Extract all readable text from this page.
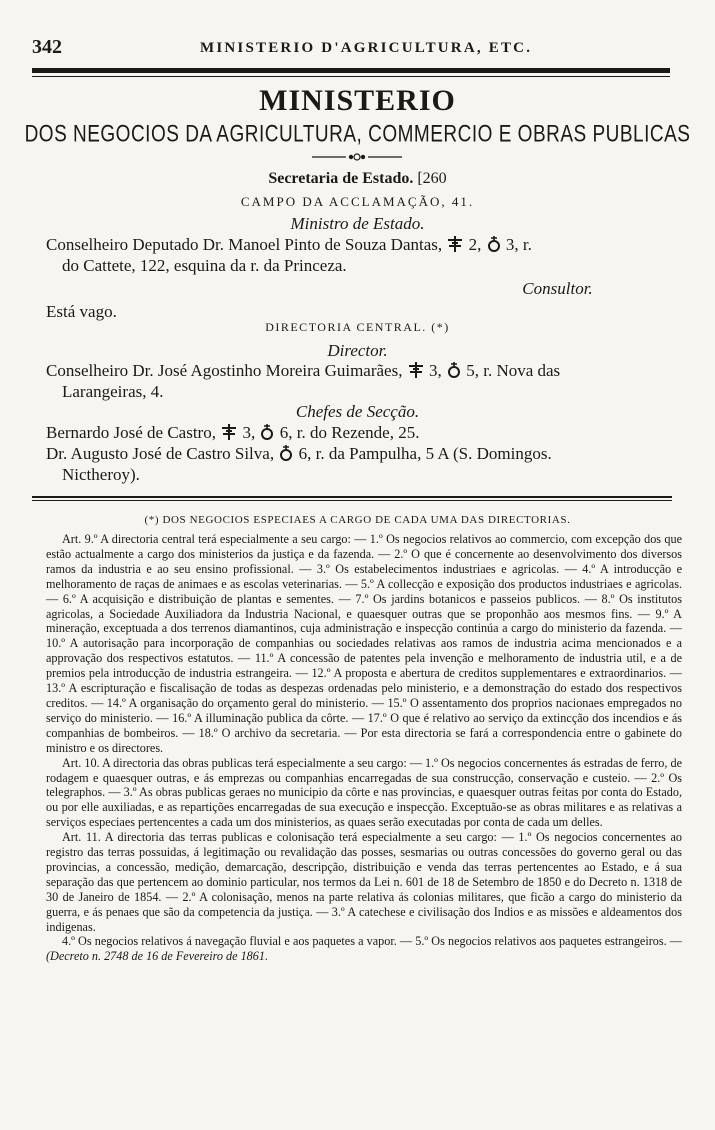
342	MINISTERIO D'AGRICULTURA, ETC.
MINISTERIO
DOS NEGOCIOS DA AGRICULTURA, COMMERCIO E OBRAS PUBLICAS
Secretaria de Estado. [260
CAMPO DA ACCLAMAÇÃO, 41.
Ministro de Estado.
Conselheiro Deputado Dr. Manoel Pinto de Souza Dantas, 2, 3, r.
do Cattete, 122, esquina da r. da Princeza.
Consultor.
Está vago.
DIRECTORIA CENTRAL. (*)
Director.
Conselheiro Dr. José Agostinho Moreira Guimarães, 3, 5, r. Nova das
Larangeiras, 4.
Chefes de Secção.
Bernardo José de Castro, 3, 6, r. do Rezende, 25.
Dr. Augusto José de Castro Silva, 6, r. da Pampulha, 5 A (S. Domingos.
Nictheroy).
(*) DOS NEGOCIOS ESPECIAES A CARGO DE CADA UMA DAS DIRECTORIAS.

Art. 9.º A directoria central terá especialmente a seu cargo: — 1.º Os negocios relativos ao commercio, com excepção dos que estão actualmente a cargo dos ministerios da justiça e da fazenda. — 2.º O que é concernente ao desenvolvimento dos diversos ramos da industria e ao seu ensino profissional. — 3.º Os estabelecimentos industriaes e agricolas. — 4.º A introducção e melhoramento de raças de animaes e as escolas veterinarias. — 5.º A collecção e exposição dos productos industriaes e agricolas. — 6.º A acquisição e distribuição de plantas e sementes. — 7.º Os jardins botanicos e passeios publicos. — 8.º Os institutos agricolas, a Sociedade Auxiliadora da Industria Nacional, e quaesquer outras que se proponhão aos mesmos fins. — 9.º A mineração, exceptuada a dos terrenos diamantinos, cuja administração e inspecção continúa a cargo do ministerio da fazenda. — 10.º A autorisação para incorporação de companhias ou sociedades relativas aos ramos de industria acima mencionados e a approvação dos respectivos estatutos. — 11.º A concessão de patentes pela invenção e melhoramento de industria util, e a de premios pela introducção de industria estrangeira. — 12.º A proposta e abertura de creditos supplementares e extraordinarios. — 13.º A escripturação e fiscalisação de todas as despezas ordenadas pelo ministerio, e a demonstração do estado dos respectivos creditos. — 14.º A organisação do orçamento geral do ministerio. — 15.º O assentamento dos proprios nacionaes empregados no serviço do ministerio. — 16.º A illuminação publica da côrte. — 17.º O que é relativo ao serviço da extincção dos incendios e ás companhias de bombeiros. — 18.º O archivo da secretaria. — Por esta directoria se fará a correspondencia entre o gabinete do ministro e os directores.

Art. 10. A directoria das obras publicas terá especialmente a seu cargo: — 1.º Os negocios concernentes ás estradas de ferro, de rodagem e quaesquer outras, e ás emprezas ou companhias encarregadas de sua construcção, conservação e custeio. — 2.º Os telegraphos. — 3.º As obras publicas geraes no municipio da côrte e nas provincias, e quaesquer outras feitas por conta do Estado, ou por elle auxiliadas, e as repartições encarregadas de sua execução e inspecção. Exceptuão-se as obras militares e as relativas a serviços especiaes pertencentes a cada um dos ministerios, as quaes serão executadas por conta de cada um delles.

Art. 11. A directoria das terras publicas e colonisação terá especialmente a seu cargo: — 1.º Os negocios concernentes ao registro das terras possuidas, á legitimação ou revalidação das posses, sesmarias ou outras concessões do governo geral ou das provincias, a concessão, medição, demarcação, descripção, distribuição e venda das terras pertencentes ao Estado, e á sua separação das que pertencem ao dominio particular, nos termos da Lei n. 601 de 18 de Setembro de 1850 e do Decreto n. 1318 de 30 de Janeiro de 1854. — 2.º A colonisação, menos na parte relativa ás colonias militares, que ficão a cargo do ministerio da guerra, e ás penaes que são da competencia da justiça. — 3.º A catechese e civilisação dos Indios e as missões e aldeamentos dos indigenas.

4.º Os negocios relativos á navegação fluvial e aos paquetes a vapor. — 5.º Os negocios relativos aos paquetes estrangeiros. — (Decreto n. 2748 de 16 de Fevereiro de 1861.
